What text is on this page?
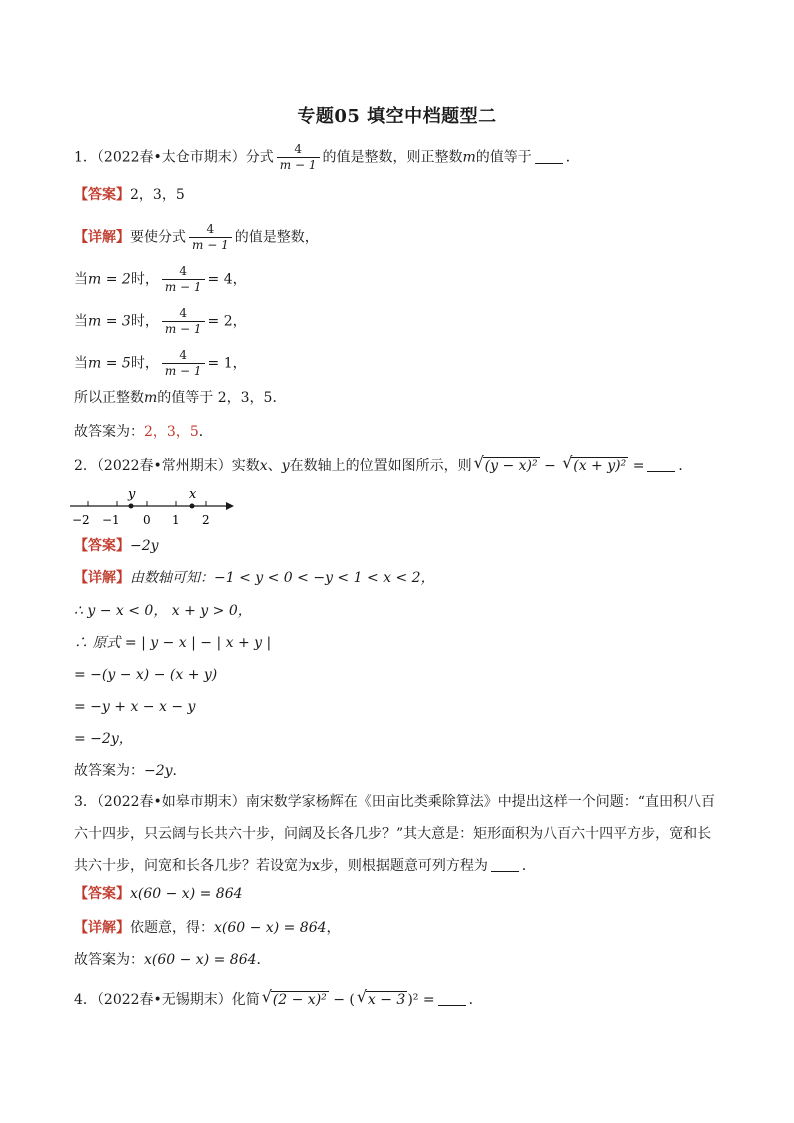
专题05 填空中档题型二
1．（2022春•太仓市期末）分式 $\frac{4}{m - 1}$ 的值是整数，则正整数m的值等于 ．
【答案】2，3，5
【详解】要使分式 $\frac{4}{m - 1}$ 的值是整数，
当m = 2时， $\frac{4}{m - 1} = 4$，
当m = 3时， $\frac{4}{m - 1} = 2$，
当m = 5时， $\frac{4}{m - 1} = 1$，
所以正整数m的值等于 2，3，5．
故答案为：2，3，5．
2．（2022春•常州期末）实数x、y在数轴上的位置如图所示，则 √ (y − x)² − √ (x + y)² = ．
y	x
−2 −1 0 1 2
【答案】−2y
【详解】由数轴可知：−1 < y < 0 < −y < 1 < x < 2，
∴ y − x < 0， x + y > 0，
∴ 原式 = | y − x | − | x + y |
= −(y − x) − (x + y)
= −y + x − x − y
= −2y，
故答案为：−2y．
3．（2022春•如皋市期末）南宋数学家杨辉在《田亩比类乘除算法》中提出这样一个问题：“直田积八百六十四步，只云阔与长共六十步，问阔及长各几步？”其大意是：矩形面积为八百六十四平方步，宽和长共六十步，问宽和长各几步？若设宽为x步，则根据题意可列方程为 ．
【答案】x(60 − x) = 864
【详解】依题意，得：x(60 − x) = 864，
故答案为：x(60 − x) = 864．
4．（2022春•无锡期末）化简 √ (2 − x)² − ( √ x − 3 )² = ．
